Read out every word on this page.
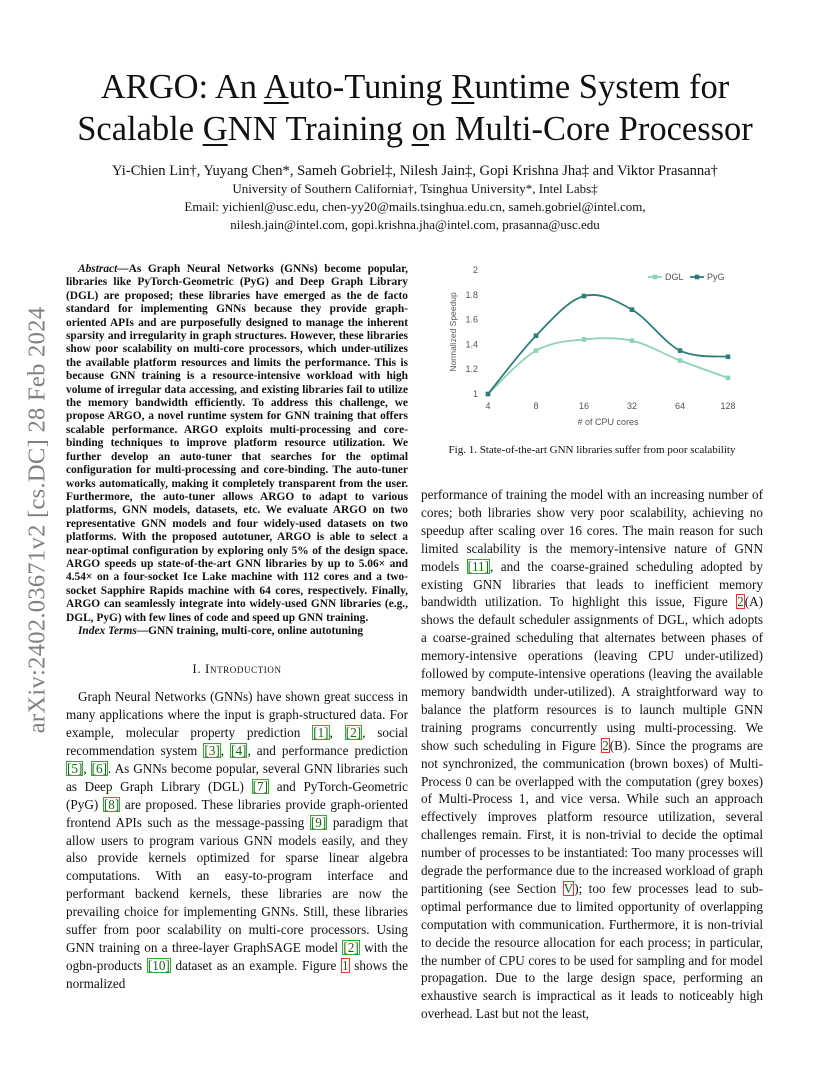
arXiv:2402.03671v2 [cs.DC] 28 Feb 2024
ARGO: An Auto-Tuning Runtime System for
Scalable GNN Training on Multi-Core Processor
Yi-Chien Lin†, Yuyang Chen*, Sameh Gobriel‡, Nilesh Jain‡, Gopi Krishna Jha‡ and Viktor Prasanna†
University of Southern California†, Tsinghua University*, Intel Labs‡
Email: yichienl@usc.edu, chen-yy20@mails.tsinghua.edu.cn, sameh.gobriel@intel.com,
nilesh.jain@intel.com, gopi.krishna.jha@intel.com, prasanna@usc.edu

Abstract—As Graph Neural Networks (GNNs) become popular, libraries like PyTorch-Geometric (PyG) and Deep Graph Library (DGL) are proposed; these libraries have emerged as the de facto standard for implementing GNNs because they provide graph-oriented APIs and are purposefully designed to manage the inherent sparsity and irregularity in graph structures. However, these libraries show poor scalability on multi-core processors, which under-utilizes the available platform resources and limits the performance. This is because GNN training is a resource-intensive workload with high volume of irregular data accessing, and existing libraries fail to utilize the memory bandwidth efficiently. To address this challenge, we propose ARGO, a novel runtime system for GNN training that offers scalable performance. ARGO exploits multi-processing and core-binding techniques to improve platform resource utilization. We further develop an auto-tuner that searches for the optimal configuration for multi-processing and core-binding. The auto-tuner works automatically, making it completely transparent from the user. Furthermore, the auto-tuner allows ARGO to adapt to various platforms, GNN models, datasets, etc. We evaluate ARGO on two representative GNN models and four widely-used datasets on two platforms. With the proposed autotuner, ARGO is able to select a near-optimal configuration by exploring only 5% of the design space. ARGO speeds up state-of-the-art GNN libraries by up to 5.06× and 4.54× on a four-socket Ice Lake machine with 112 cores and a two-socket Sapphire Rapids machine with 64 cores, respectively. Finally, ARGO can seamlessly integrate into widely-used GNN libraries (e.g., DGL, PyG) with few lines of code and speed up GNN training.

Index Terms—GNN training, multi-core, online autotuning

I. Introduction

Graph Neural Networks (GNNs) have shown great success in many applications where the input is graph-structured data. For example, molecular property prediction [1], [2], social recommendation system [3], [4], and performance prediction [5], [6]. As GNNs become popular, several GNN libraries such as Deep Graph Library (DGL) [7] and PyTorch-Geometric (PyG) [8] are proposed. These libraries provide graph-oriented frontend APIs such as the message-passing [9] paradigm that allow users to program various GNN models easily, and they also provide kernels optimized for sparse linear algebra computations. With an easy-to-program interface and performant backend kernels, these libraries are now the prevailing choice for implementing GNNs. Still, these libraries suffer from poor scalability on multi-core processors. Using GNN training on a three-layer GraphSAGE model [2] with the ogbn-products [10] dataset as an example. Figure 1 shows the normalized

1
1.2
1.4
1.6
1.8
2
4	8	16	32	64	128
# of CPU cores
Normalized Speedup
DGL	PyG
Fig. 1. State-of-the-art GNN libraries suffer from poor scalability

performance of training the model with an increasing number of cores; both libraries show very poor scalability, achieving no speedup after scaling over 16 cores. The main reason for such limited scalability is the memory-intensive nature of GNN models [11], and the coarse-grained scheduling adopted by existing GNN libraries that leads to inefficient memory bandwidth utilization. To highlight this issue, Figure 2(A) shows the default scheduler assignments of DGL, which adopts a coarse-grained scheduling that alternates between phases of memory-intensive operations (leaving CPU under-utilized) followed by compute-intensive operations (leaving the available memory bandwidth under-utilized). A straightforward way to balance the platform resources is to launch multiple GNN training programs concurrently using multi-processing. We show such scheduling in Figure 2(B). Since the programs are not synchronized, the communication (brown boxes) of Multi-Process 0 can be overlapped with the computation (grey boxes) of Multi-Process 1, and vice versa. While such an approach effectively improves platform resource utilization, several challenges remain. First, it is non-trivial to decide the optimal number of processes to be instantiated: Too many processes will degrade the performance due to the increased workload of graph partitioning (see Section V); too few processes lead to sub-optimal performance due to limited opportunity of overlapping computation with communication. Furthermore, it is non-trivial to decide the resource allocation for each process; in particular, the number of CPU cores to be used for sampling and for model propagation. Due to the large design space, performing an exhaustive search is impractical as it leads to noticeably high overhead. Last but not the least,
